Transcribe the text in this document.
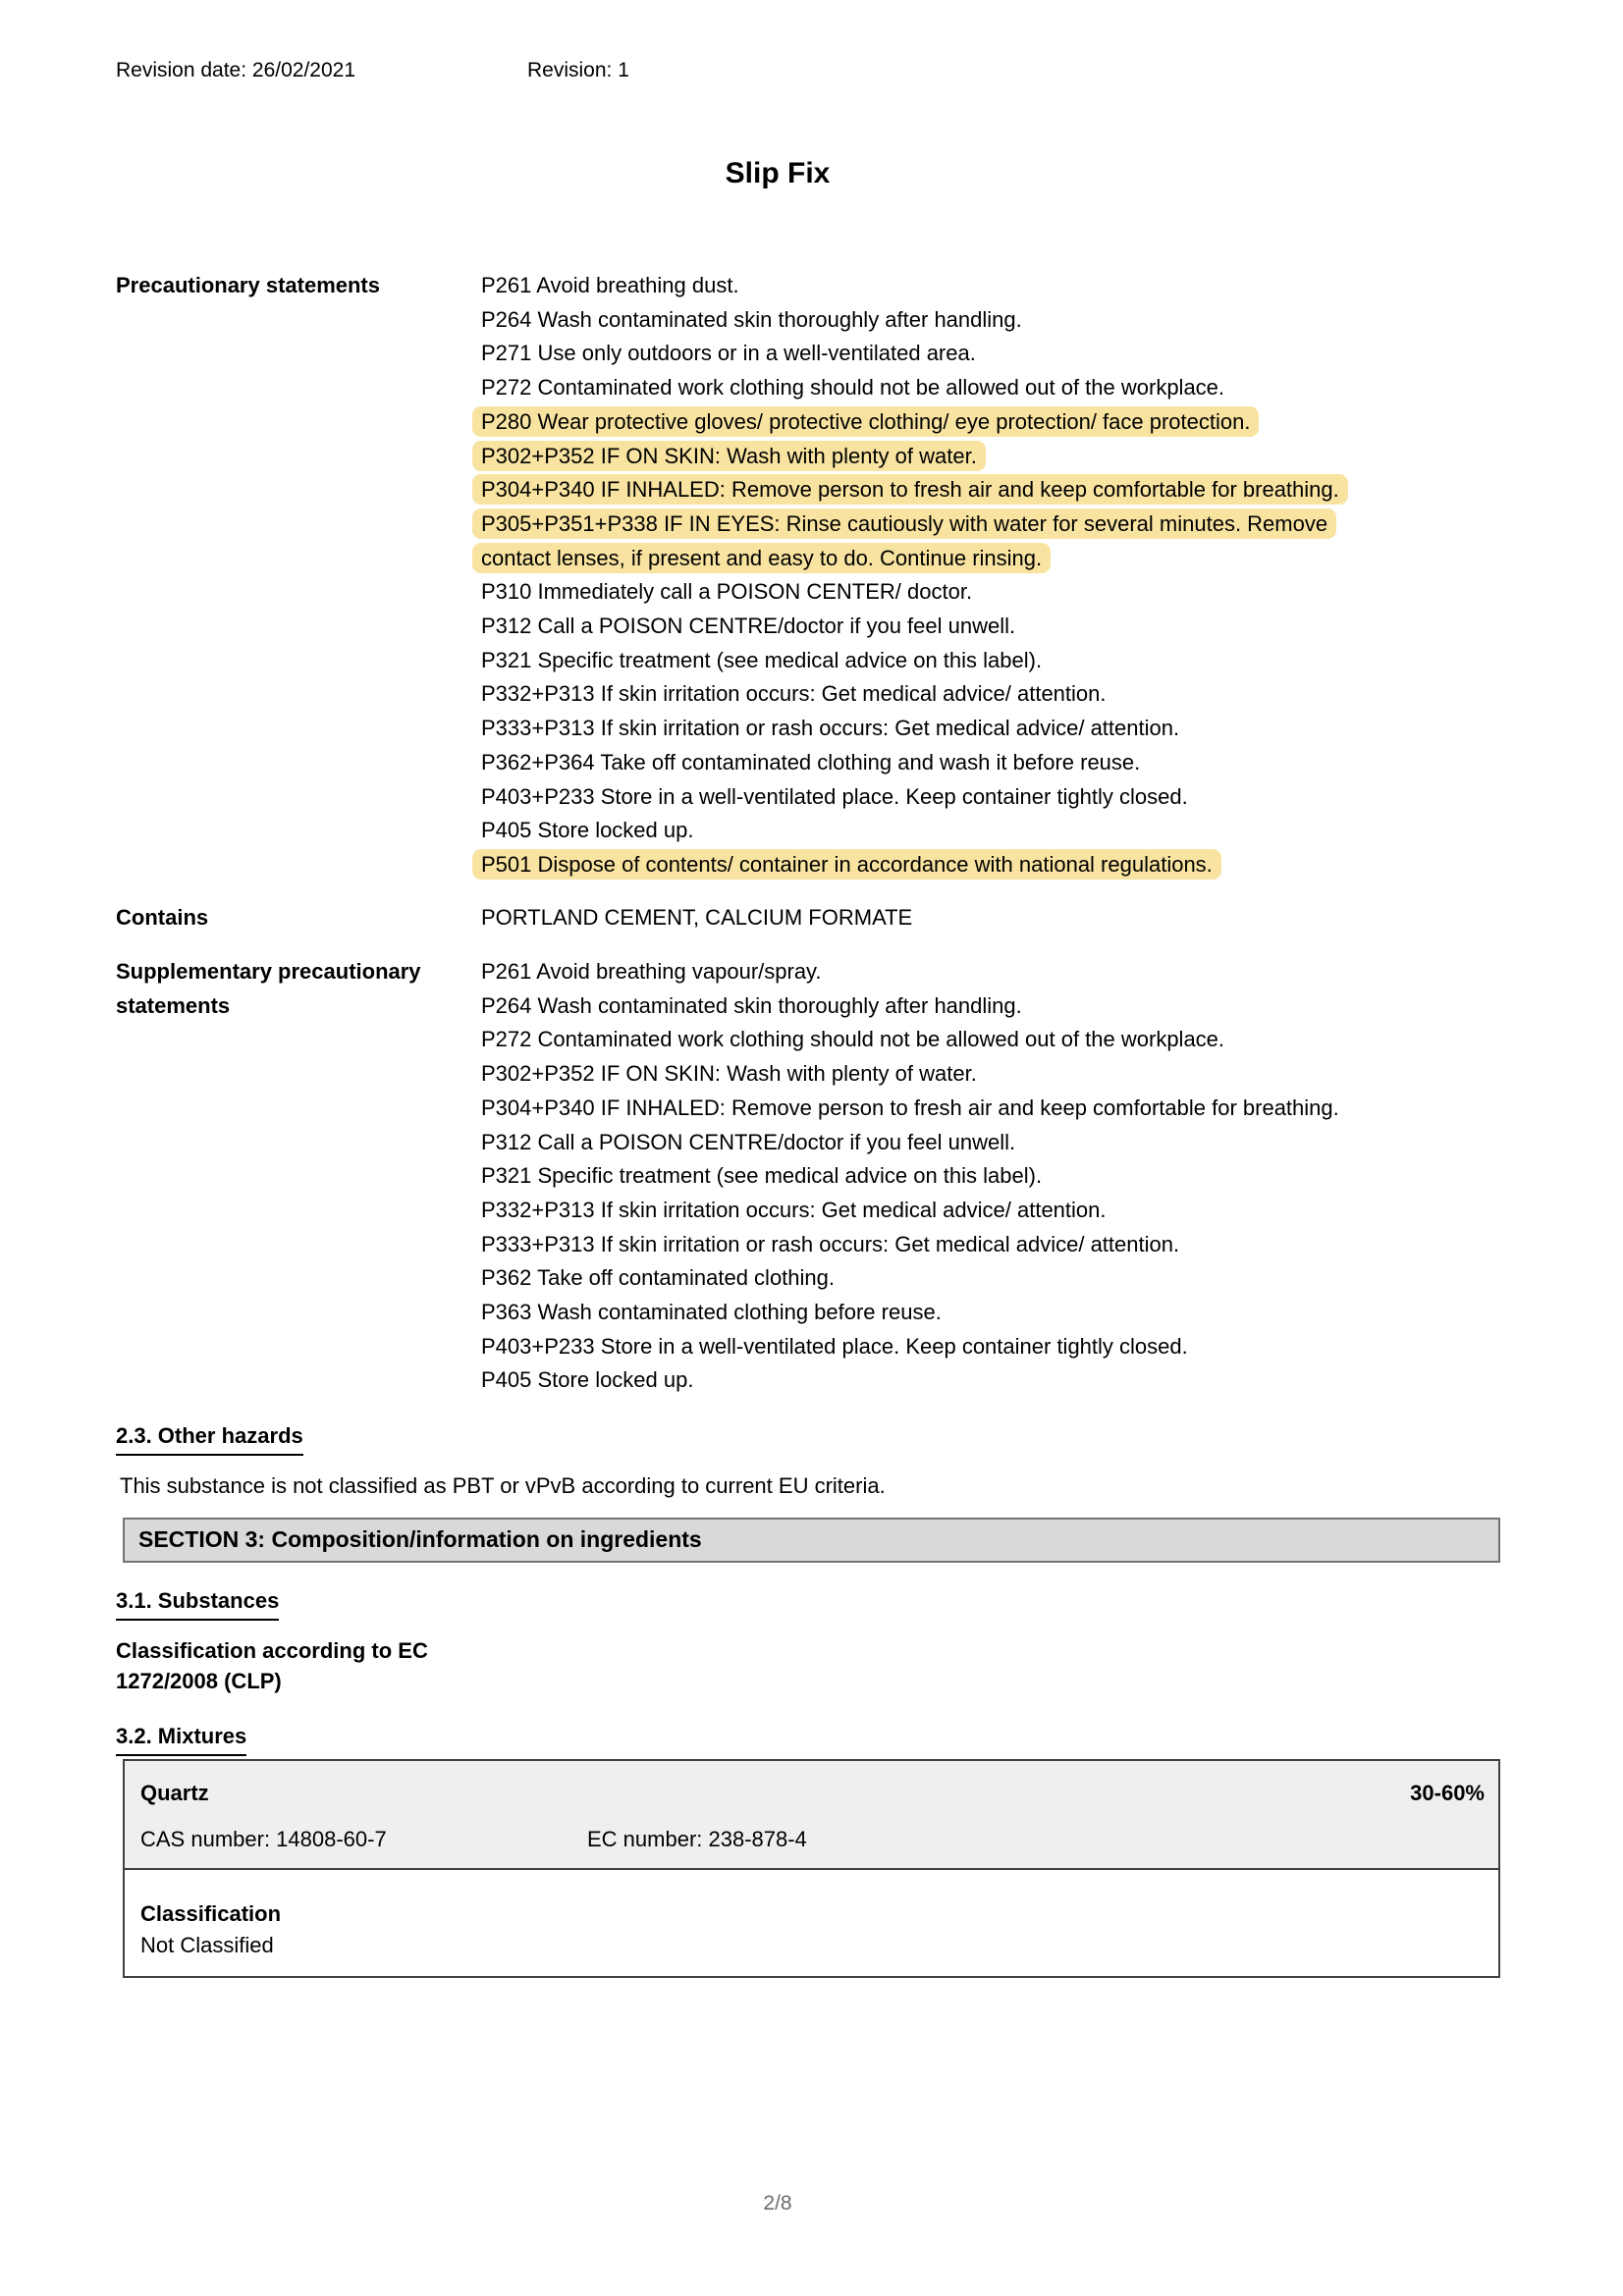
Revision date: 26/02/2021	Revision: 1
Slip Fix
Precautionary statements	P261 Avoid breathing dust.
P264 Wash contaminated skin thoroughly after handling.
P271 Use only outdoors or in a well-ventilated area.
P272 Contaminated work clothing should not be allowed out of the workplace.
P280 Wear protective gloves/ protective clothing/ eye protection/ face protection.
P302+P352 IF ON SKIN: Wash with plenty of water.
P304+P340 IF INHALED: Remove person to fresh air and keep comfortable for breathing.
P305+P351+P338 IF IN EYES: Rinse cautiously with water for several minutes. Remove
contact lenses, if present and easy to do. Continue rinsing.
P310 Immediately call a POISON CENTER/ doctor.
P312 Call a POISON CENTRE/doctor if you feel unwell.
P321 Specific treatment (see medical advice on this label).
P332+P313 If skin irritation occurs: Get medical advice/ attention.
P333+P313 If skin irritation or rash occurs: Get medical advice/ attention.
P362+P364 Take off contaminated clothing and wash it before reuse.
P403+P233 Store in a well-ventilated place. Keep container tightly closed.
P405 Store locked up.
P501 Dispose of contents/ container in accordance with national regulations.
Contains	PORTLAND CEMENT, CALCIUM FORMATE
Supplementary precautionary statements
P261 Avoid breathing vapour/spray.
P264 Wash contaminated skin thoroughly after handling.
P272 Contaminated work clothing should not be allowed out of the workplace.
P302+P352 IF ON SKIN: Wash with plenty of water.
P304+P340 IF INHALED: Remove person to fresh air and keep comfortable for breathing.
P312 Call a POISON CENTRE/doctor if you feel unwell.
P321 Specific treatment (see medical advice on this label).
P332+P313 If skin irritation occurs: Get medical advice/ attention.
P333+P313 If skin irritation or rash occurs: Get medical advice/ attention.
P362 Take off contaminated clothing.
P363 Wash contaminated clothing before reuse.
P403+P233 Store in a well-ventilated place. Keep container tightly closed.
P405 Store locked up.
2.3. Other hazards
This substance is not classified as PBT or vPvB according to current EU criteria.
SECTION 3: Composition/information on ingredients
3.1. Substances
Classification according to EC
1272/2008 (CLP)
3.2. Mixtures
Quartz	30-60%
CAS number: 14808-60-7	EC number: 238-878-4
Classification
Not Classified
2/8
